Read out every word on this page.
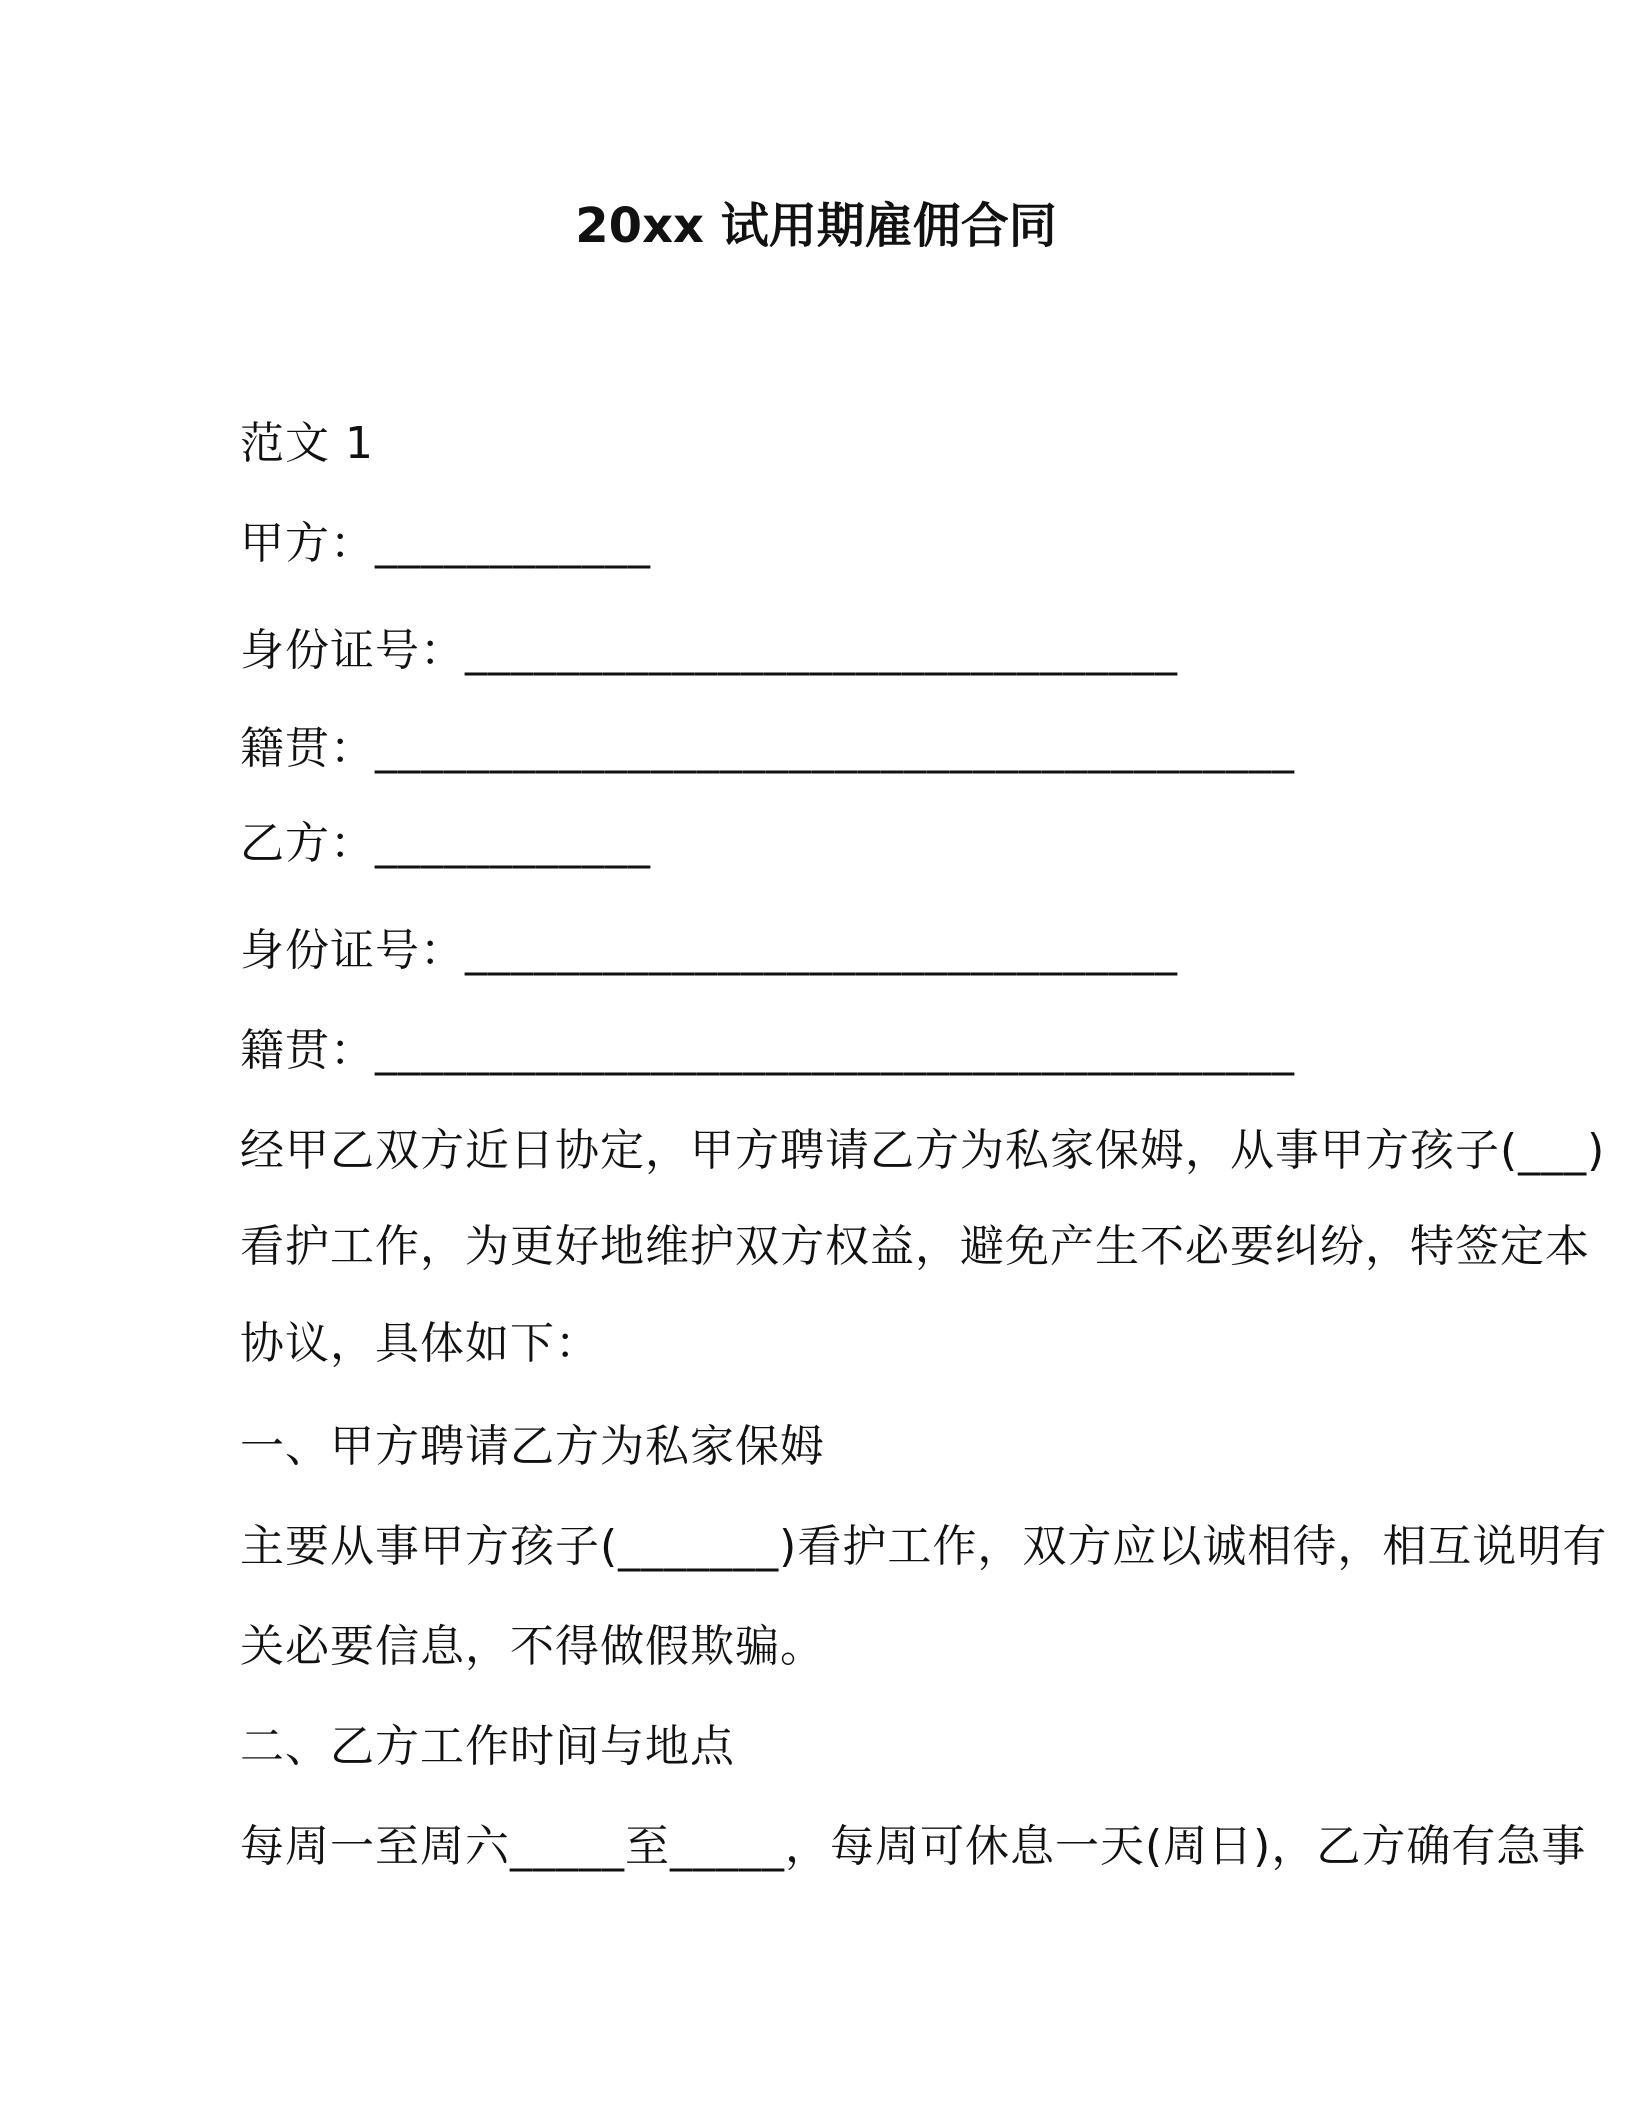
20xx 试用期雇佣合同
范文 1
甲方：____________
身份证号：_______________________________
籍贯：________________________________________
乙方：____________
身份证号：_______________________________
籍贯：________________________________________
经甲乙双方近日协定，甲方聘请乙方为私家保姆，从事甲方孩子(___)
看护工作，为更好地维护双方权益，避免产生不必要纠纷，特签定本
协议，具体如下：
一、甲方聘请乙方为私家保姆
主要从事甲方孩子(_______)看护工作，双方应以诚相待，相互说明有
关必要信息，不得做假欺骗。
二、乙方工作时间与地点
每周一至周六_____至_____，每周可休息一天(周日)，乙方确有急事
